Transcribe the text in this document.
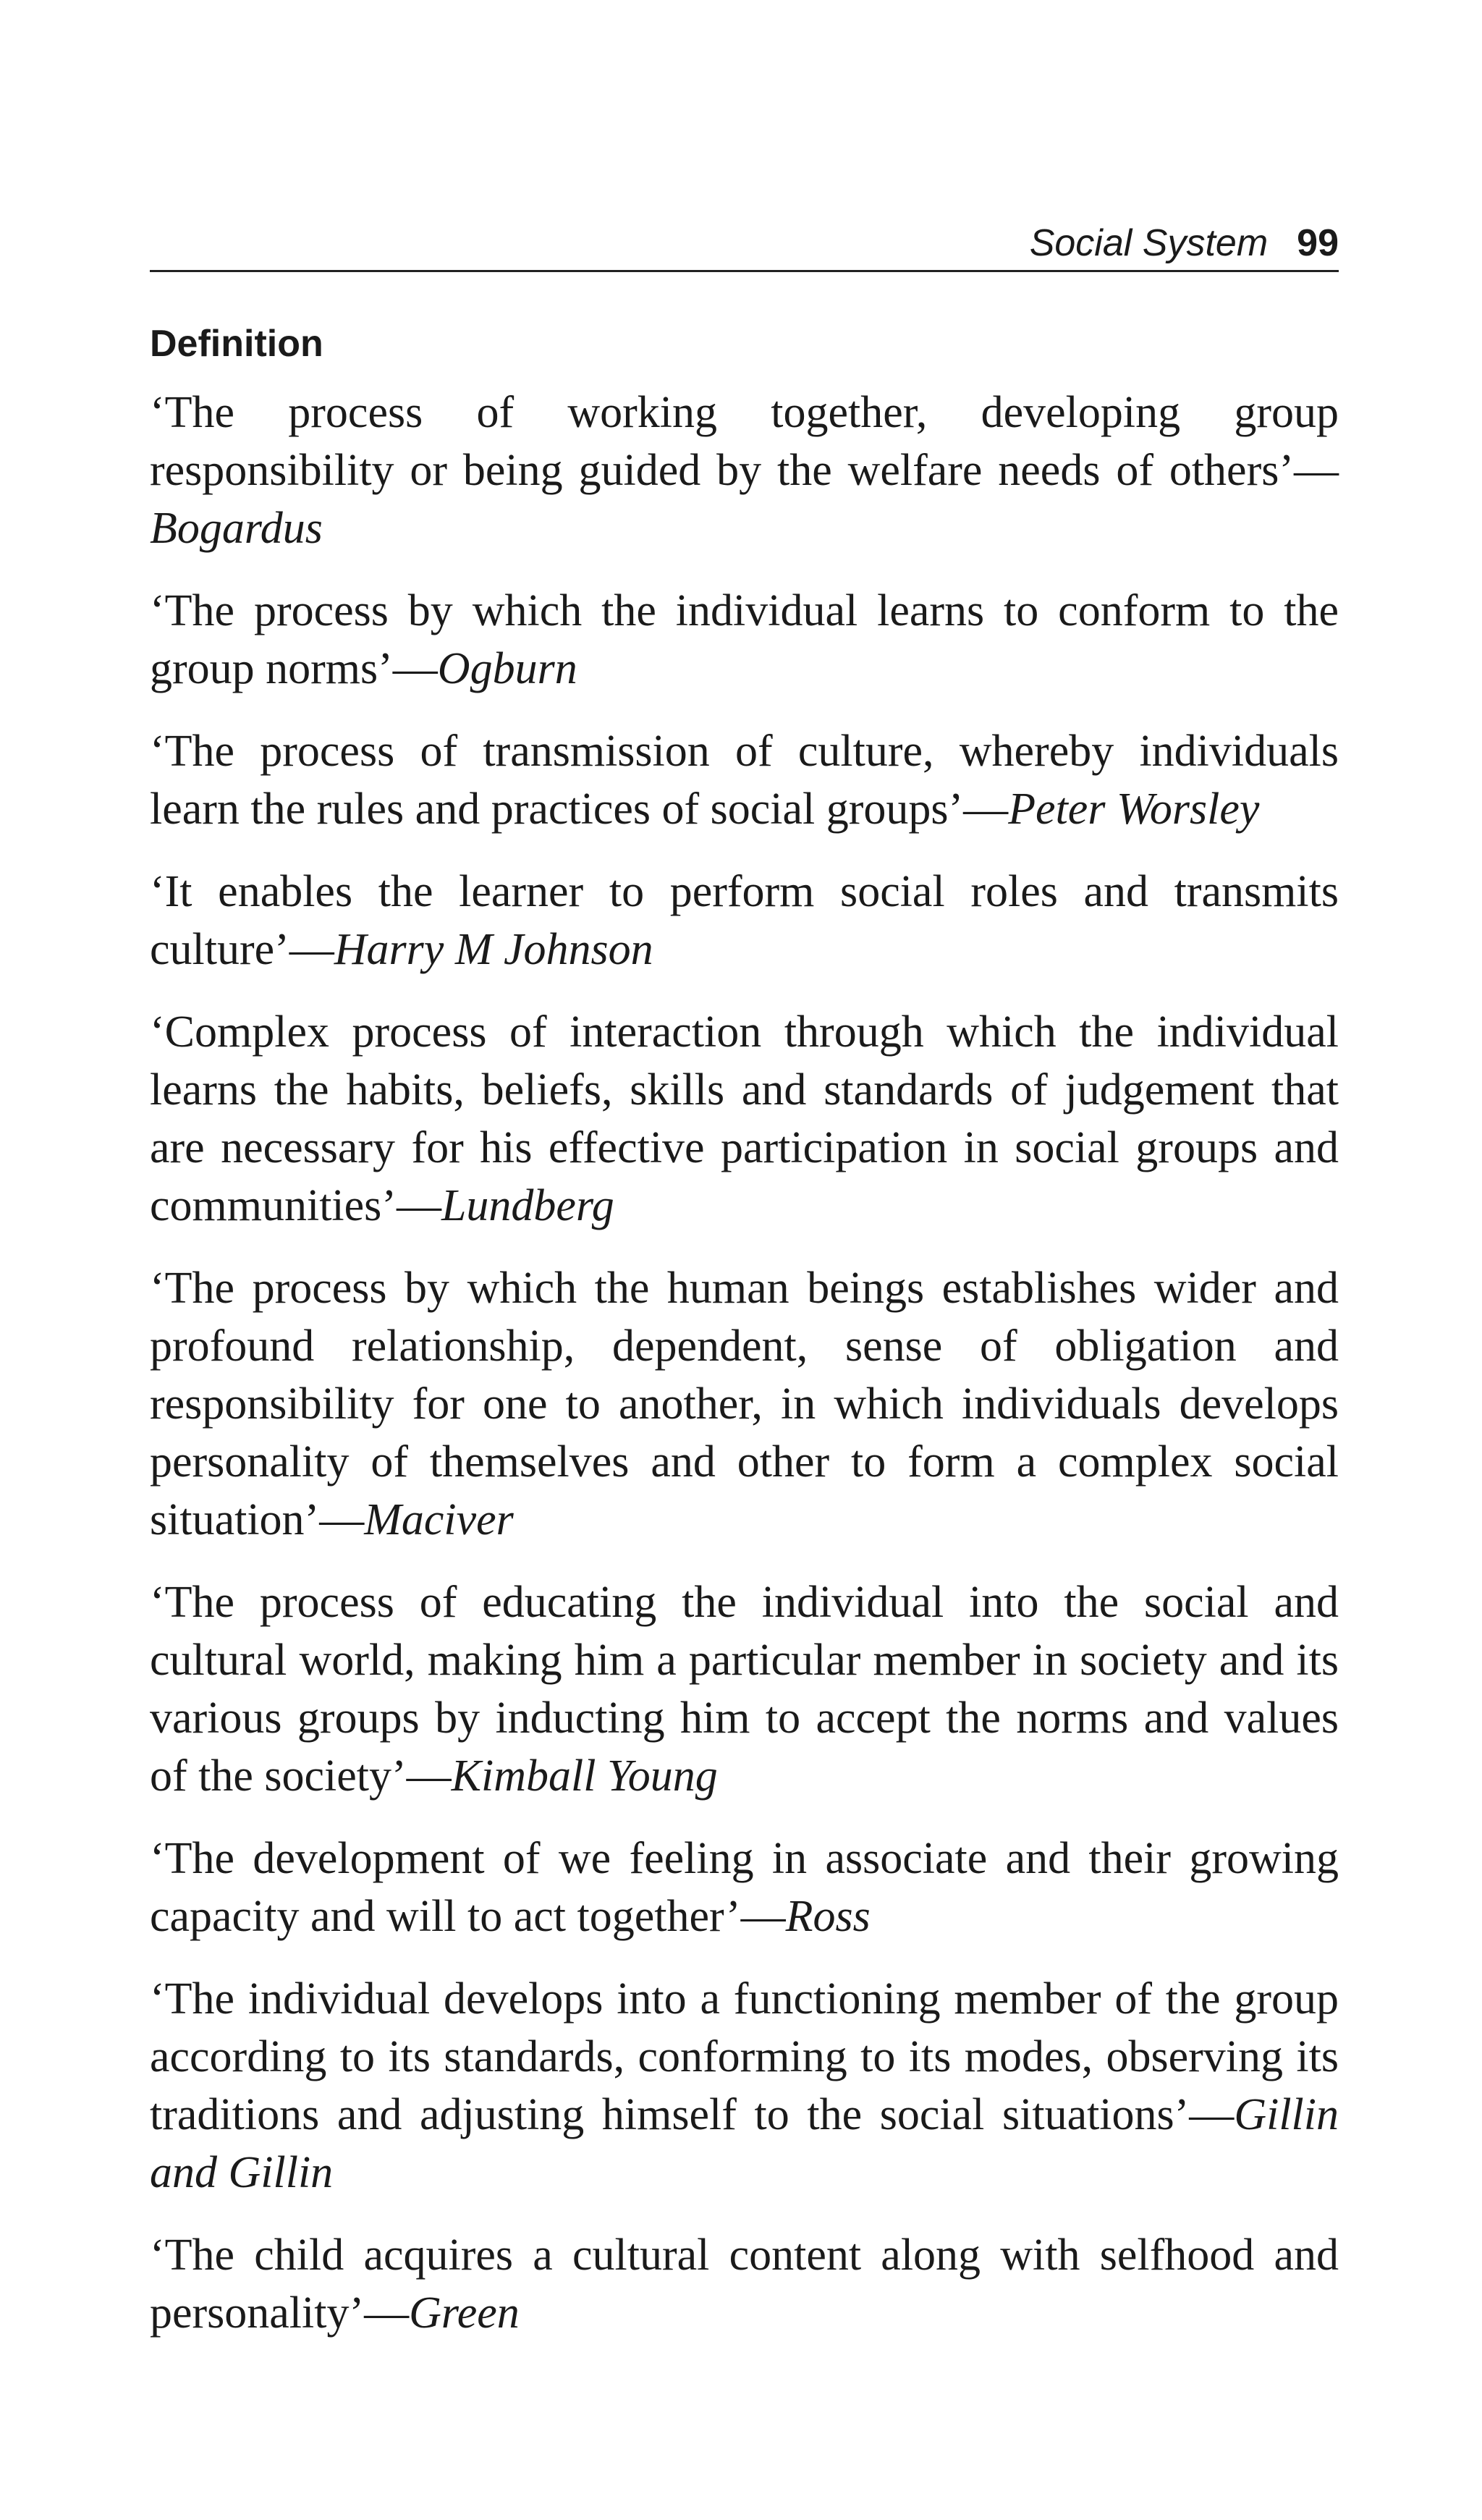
Social System 99
Definition

‘The process of working together, developing group responsibility or being guided by the welfare needs of others’—Bogardus

‘The process by which the individual learns to conform to the group norms’—Ogburn

‘The process of transmission of culture, whereby individuals learn the rules and practices of social groups’—Peter Worsley

‘It enables the learner to perform social roles and transmits culture’—Harry M Johnson

‘Complex process of interaction through which the individual learns the habits, beliefs, skills and standards of judgement that are necessary for his effective participation in social groups and communities’—Lundberg

‘The process by which the human beings establishes wider and profound relationship, dependent, sense of obligation and responsibility for one to another, in which individuals develops personality of themselves and other to form a complex social situation’—Maciver

‘The process of educating the individual into the social and cultural world, making him a particular member in society and its various groups by inducting him to accept the norms and values of the society’—Kimball Young

‘The development of we feeling in associate and their growing capacity and will to act together’—Ross

‘The individual develops into a functioning member of the group according to its standards, conforming to its modes, observing its traditions and adjusting himself to the social situations’—Gillin and Gillin

‘The child acquires a cultural content along with selfhood and personality’—Green
